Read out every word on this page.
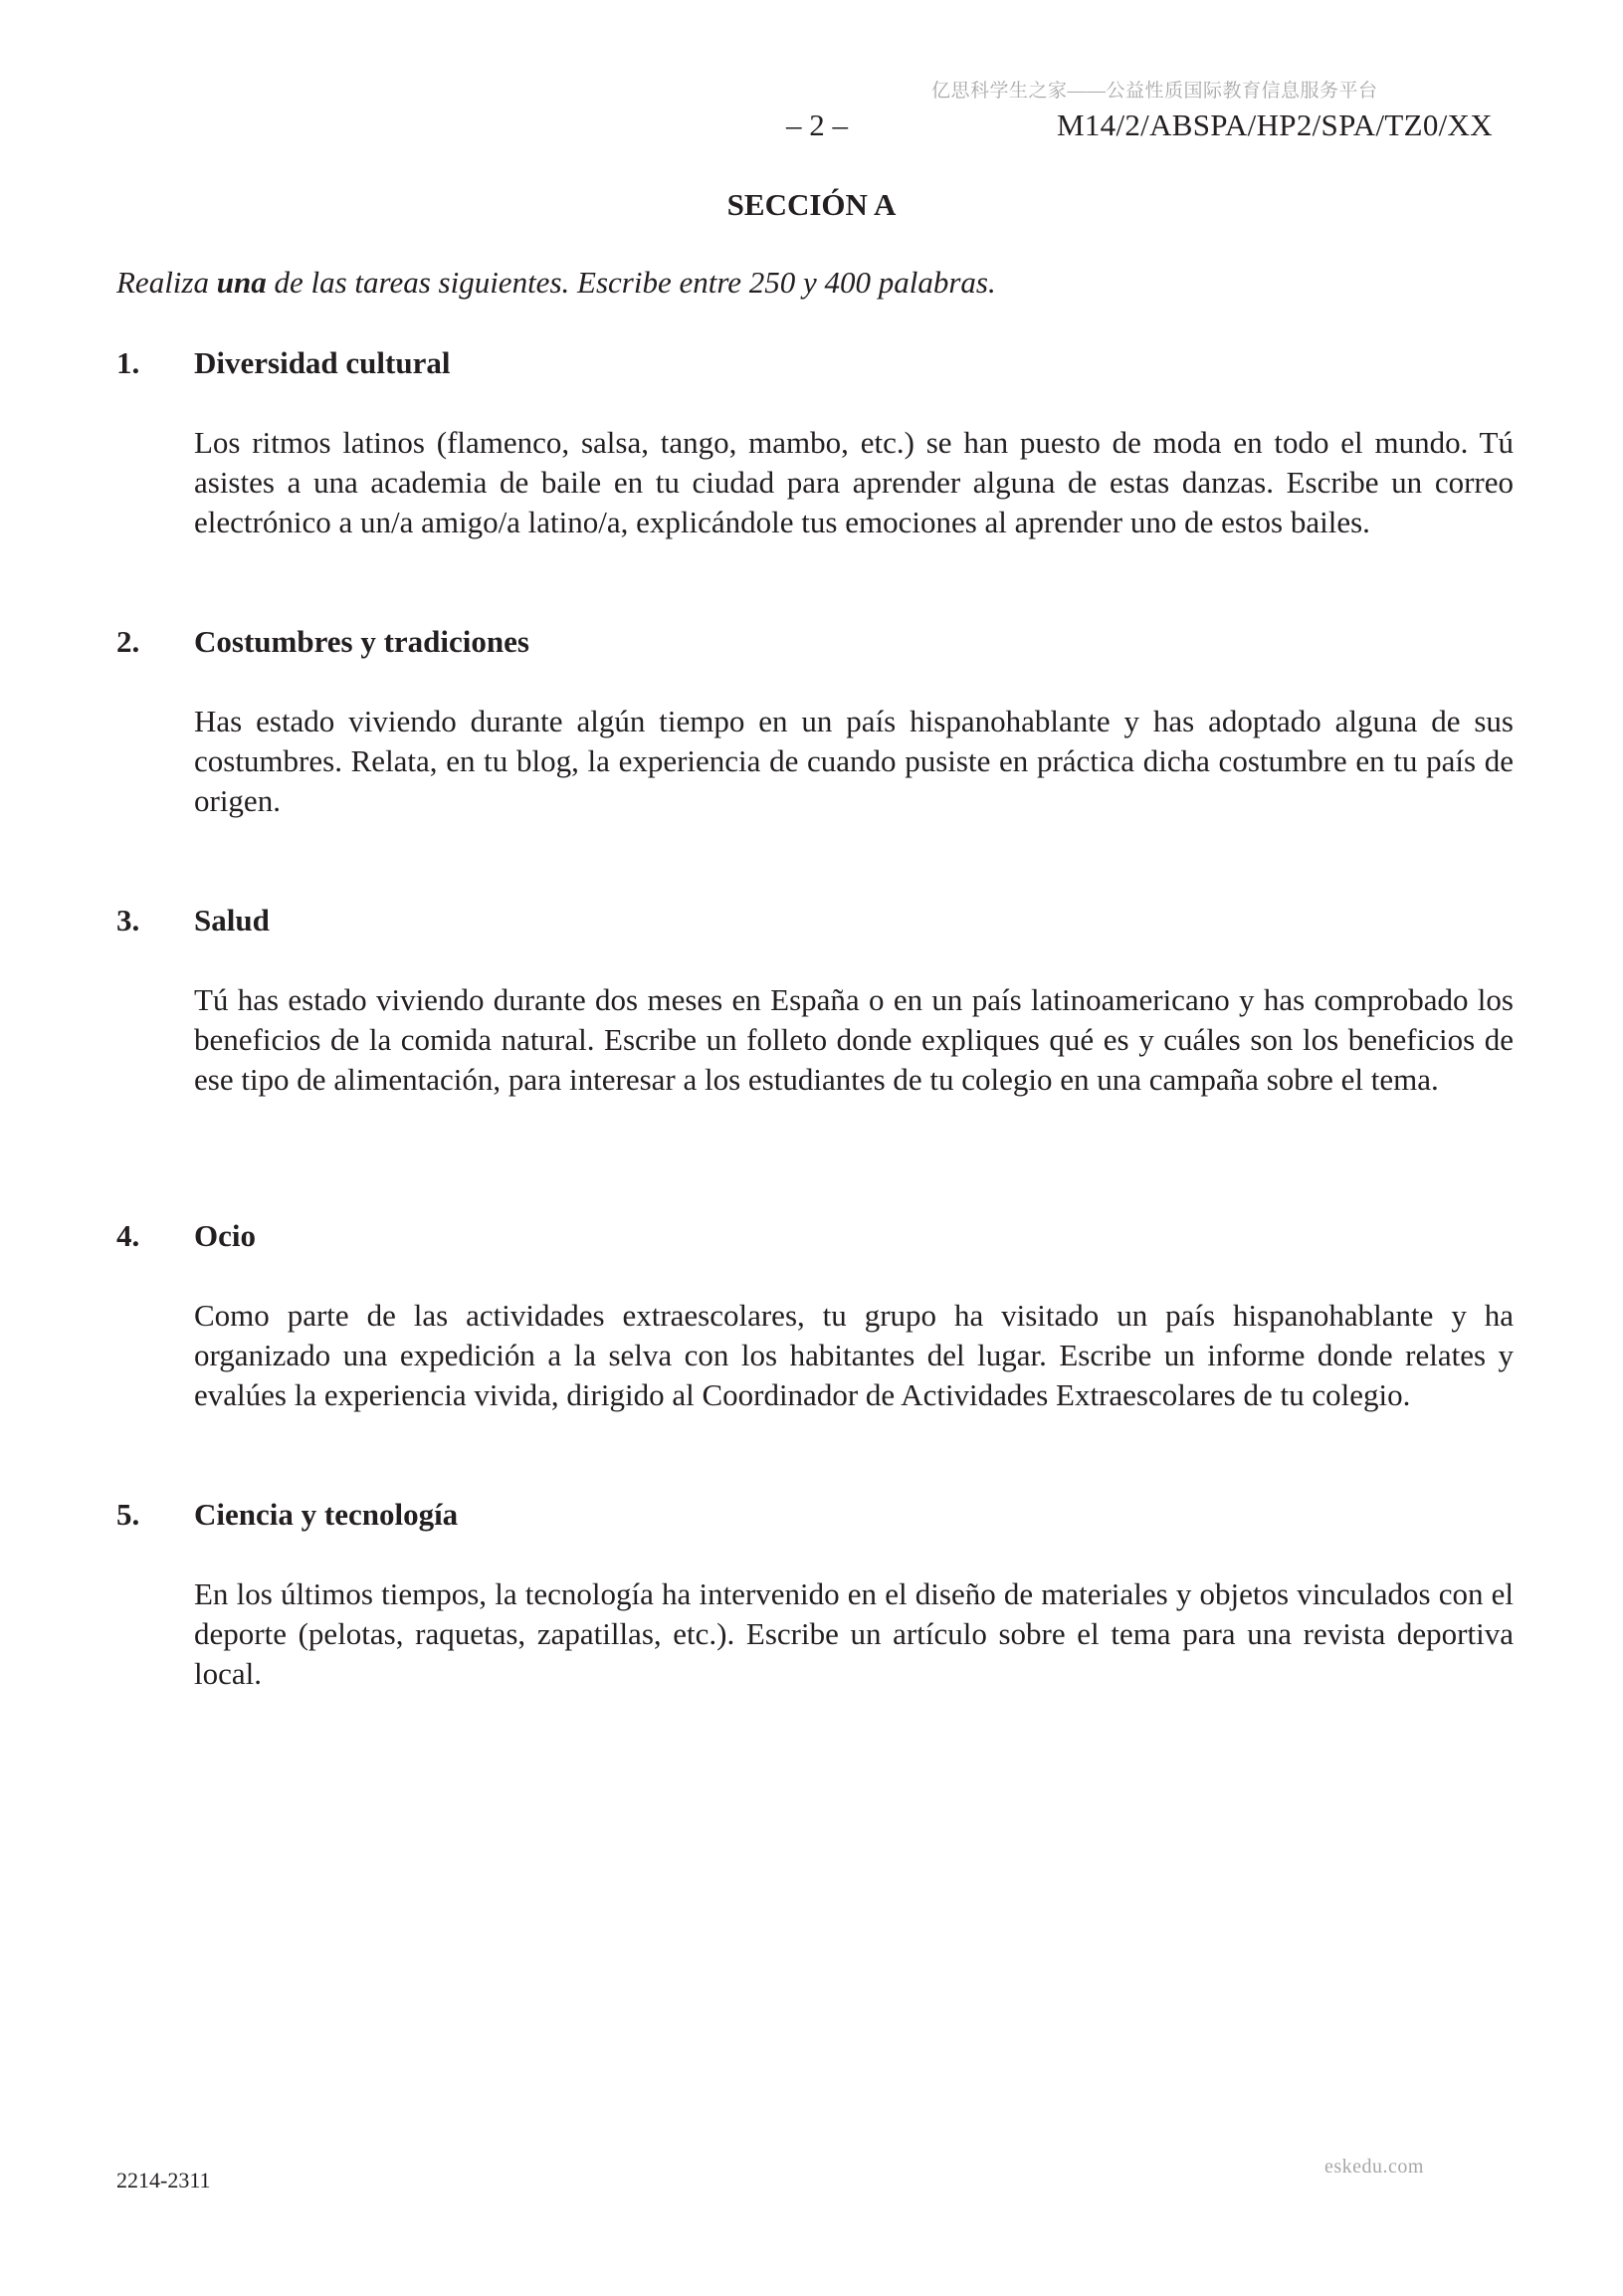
亿思科学生之家——公益性质国际教育信息服务平台
– 2 –	M14/2/ABSPA/HP2/SPA/TZ0/XX
SECCIÓN A
Realiza una de las tareas siguientes. Escribe entre 250 y 400 palabras.
1.	Diversidad cultural
Los ritmos latinos (flamenco, salsa, tango, mambo, etc.) se han puesto de moda en todo el mundo. Tú asistes a una academia de baile en tu ciudad para aprender alguna de estas danzas. Escribe un correo electrónico a un/a amigo/a latino/a, explicándole tus emociones al aprender uno de estos bailes.
2.	Costumbres y tradiciones
Has estado viviendo durante algún tiempo en un país hispanohablante y has adoptado alguna de sus costumbres. Relata, en tu blog, la experiencia de cuando pusiste en práctica dicha costumbre en tu país de origen.
3.	Salud
Tú has estado viviendo durante dos meses en España o en un país latinoamericano y has comprobado los beneficios de la comida natural. Escribe un folleto donde expliques qué es y cuáles son los beneficios de ese tipo de alimentación, para interesar a los estudiantes de tu colegio en una campaña sobre el tema.
4.	Ocio
Como parte de las actividades extraescolares, tu grupo ha visitado un país hispanohablante y ha organizado una expedición a la selva con los habitantes del lugar. Escribe un informe donde relates y evalúes la experiencia vivida, dirigido al Coordinador de Actividades Extraescolares de tu colegio.
5.	Ciencia y tecnología
En los últimos tiempos, la tecnología ha intervenido en el diseño de materiales y objetos vinculados con el deporte (pelotas, raquetas, zapatillas, etc.). Escribe un artículo sobre el tema para una revista deportiva local.
eskedu.com
2214-2311
